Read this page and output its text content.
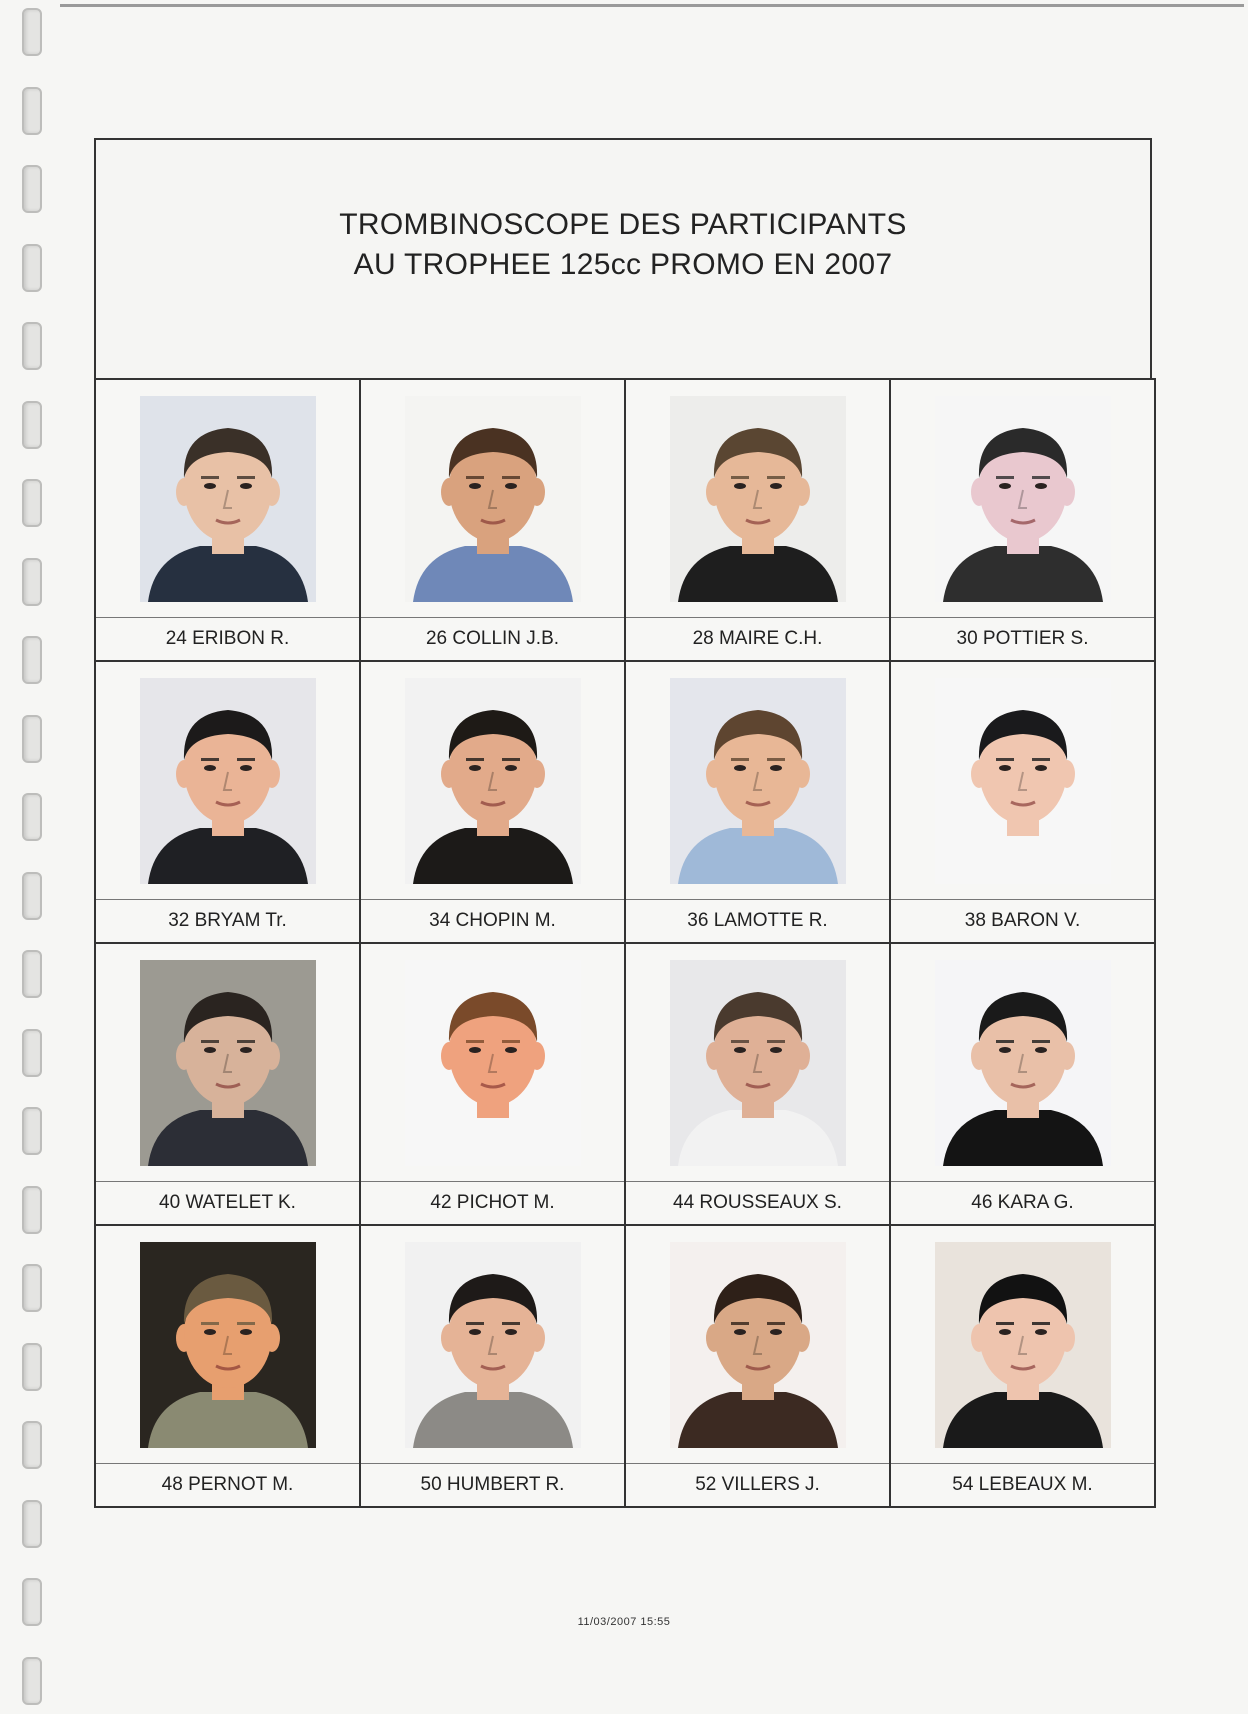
TROMBINOSCOPE DES PARTICIPANTS
AU TROPHEE 125cc PROMO EN 2007
24 ERIBON R.	26 COLLIN J.B.	28 MAIRE C.H.	30 POTTIER S.
32 BRYAM Tr.	34 CHOPIN M.	36 LAMOTTE R.	38 BARON V.
40 WATELET K.	42 PICHOT M.	44 ROUSSEAUX S.	46 KARA G.
48 PERNOT M.	50 HUMBERT R.	52 VILLERS J.	54 LEBEAUX M.
11/03/2007 15:55
